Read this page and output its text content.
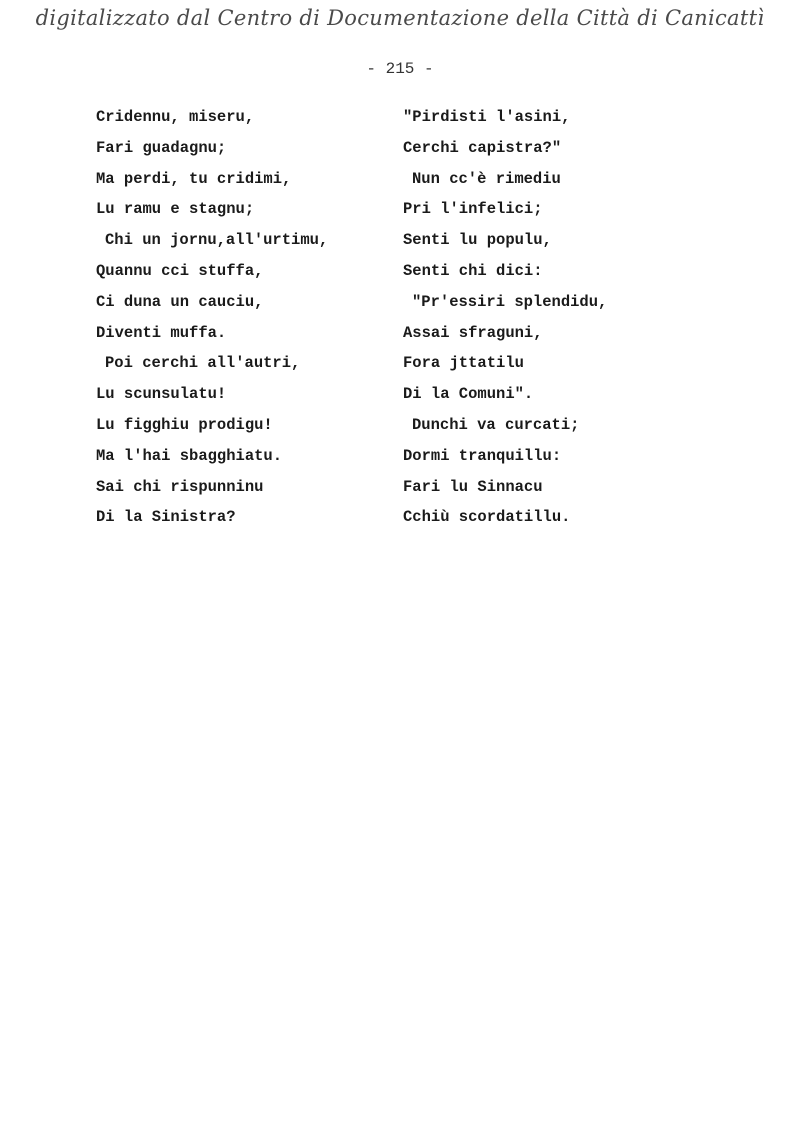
digitalizzato dal Centro di Documentazione della Città di Canicattì
- 215 -
Cridennu, miseru,
Fari guadagnu;
Ma perdi, tu cridimi,
Lu ramu e stagnu;
Chi un jornu,all'urtimu,
Quannu cci stuffa,
Ci duna un cauciu,
Diventi muffa.
Poi cerchi all'autri,
Lu scunsulatu!
Lu figghiu prodigu!
Ma l'hai sbagghiatu.
Sai chi rispunninu
Di la Sinistra?
"Pirdisti l'asini,
Cerchi capistra?"
Nun cc'è rimediu
Pri l'infelici;
Senti lu populu,
Senti chi dici:
"Pr'essiri splendidu,
Assai sfraguni,
Fora jttatilu
Di la Comuni".
Dunchi va curcati;
Dormi tranquillu:
Fari lu Sinnacu
Cchiù scordatillu.
